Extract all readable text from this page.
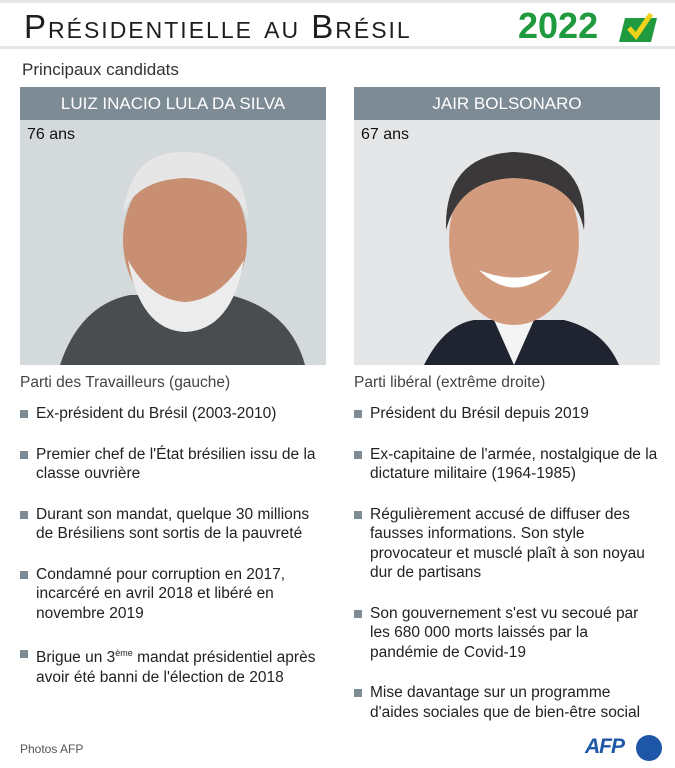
Présidentielle au Brésil	2022
Principaux candidats
LUIZ INACIO LULA DA SILVA
76 ans
Parti des Travailleurs (gauche)
Ex-président du Brésil (2003-2010)
Premier chef de l'État brésilien issu de la classe ouvrière
Durant son mandat, quelque 30 millions de Brésiliens sont sortis de la pauvreté
Condamné pour corruption en 2017, incarcéré en avril 2018 et libéré en novembre 2019
Brigue un 3ème mandat présidentiel après avoir été banni de l'élection de 2018
JAIR BOLSONARO
67 ans
Parti libéral (extrême droite)
Président du Brésil depuis 2019
Ex-capitaine de l'armée, nostalgique de la dictature militaire (1964-1985)
Régulièrement accusé de diffuser des fausses informations. Son style provocateur et musclé plaît à son noyau dur de partisans
Son gouvernement s'est vu secoué par les 680 000 morts laissés par la pandémie de Covid-19
Mise davantage sur un programme d'aides sociales que de bien-être social
Photos AFP	AFP
